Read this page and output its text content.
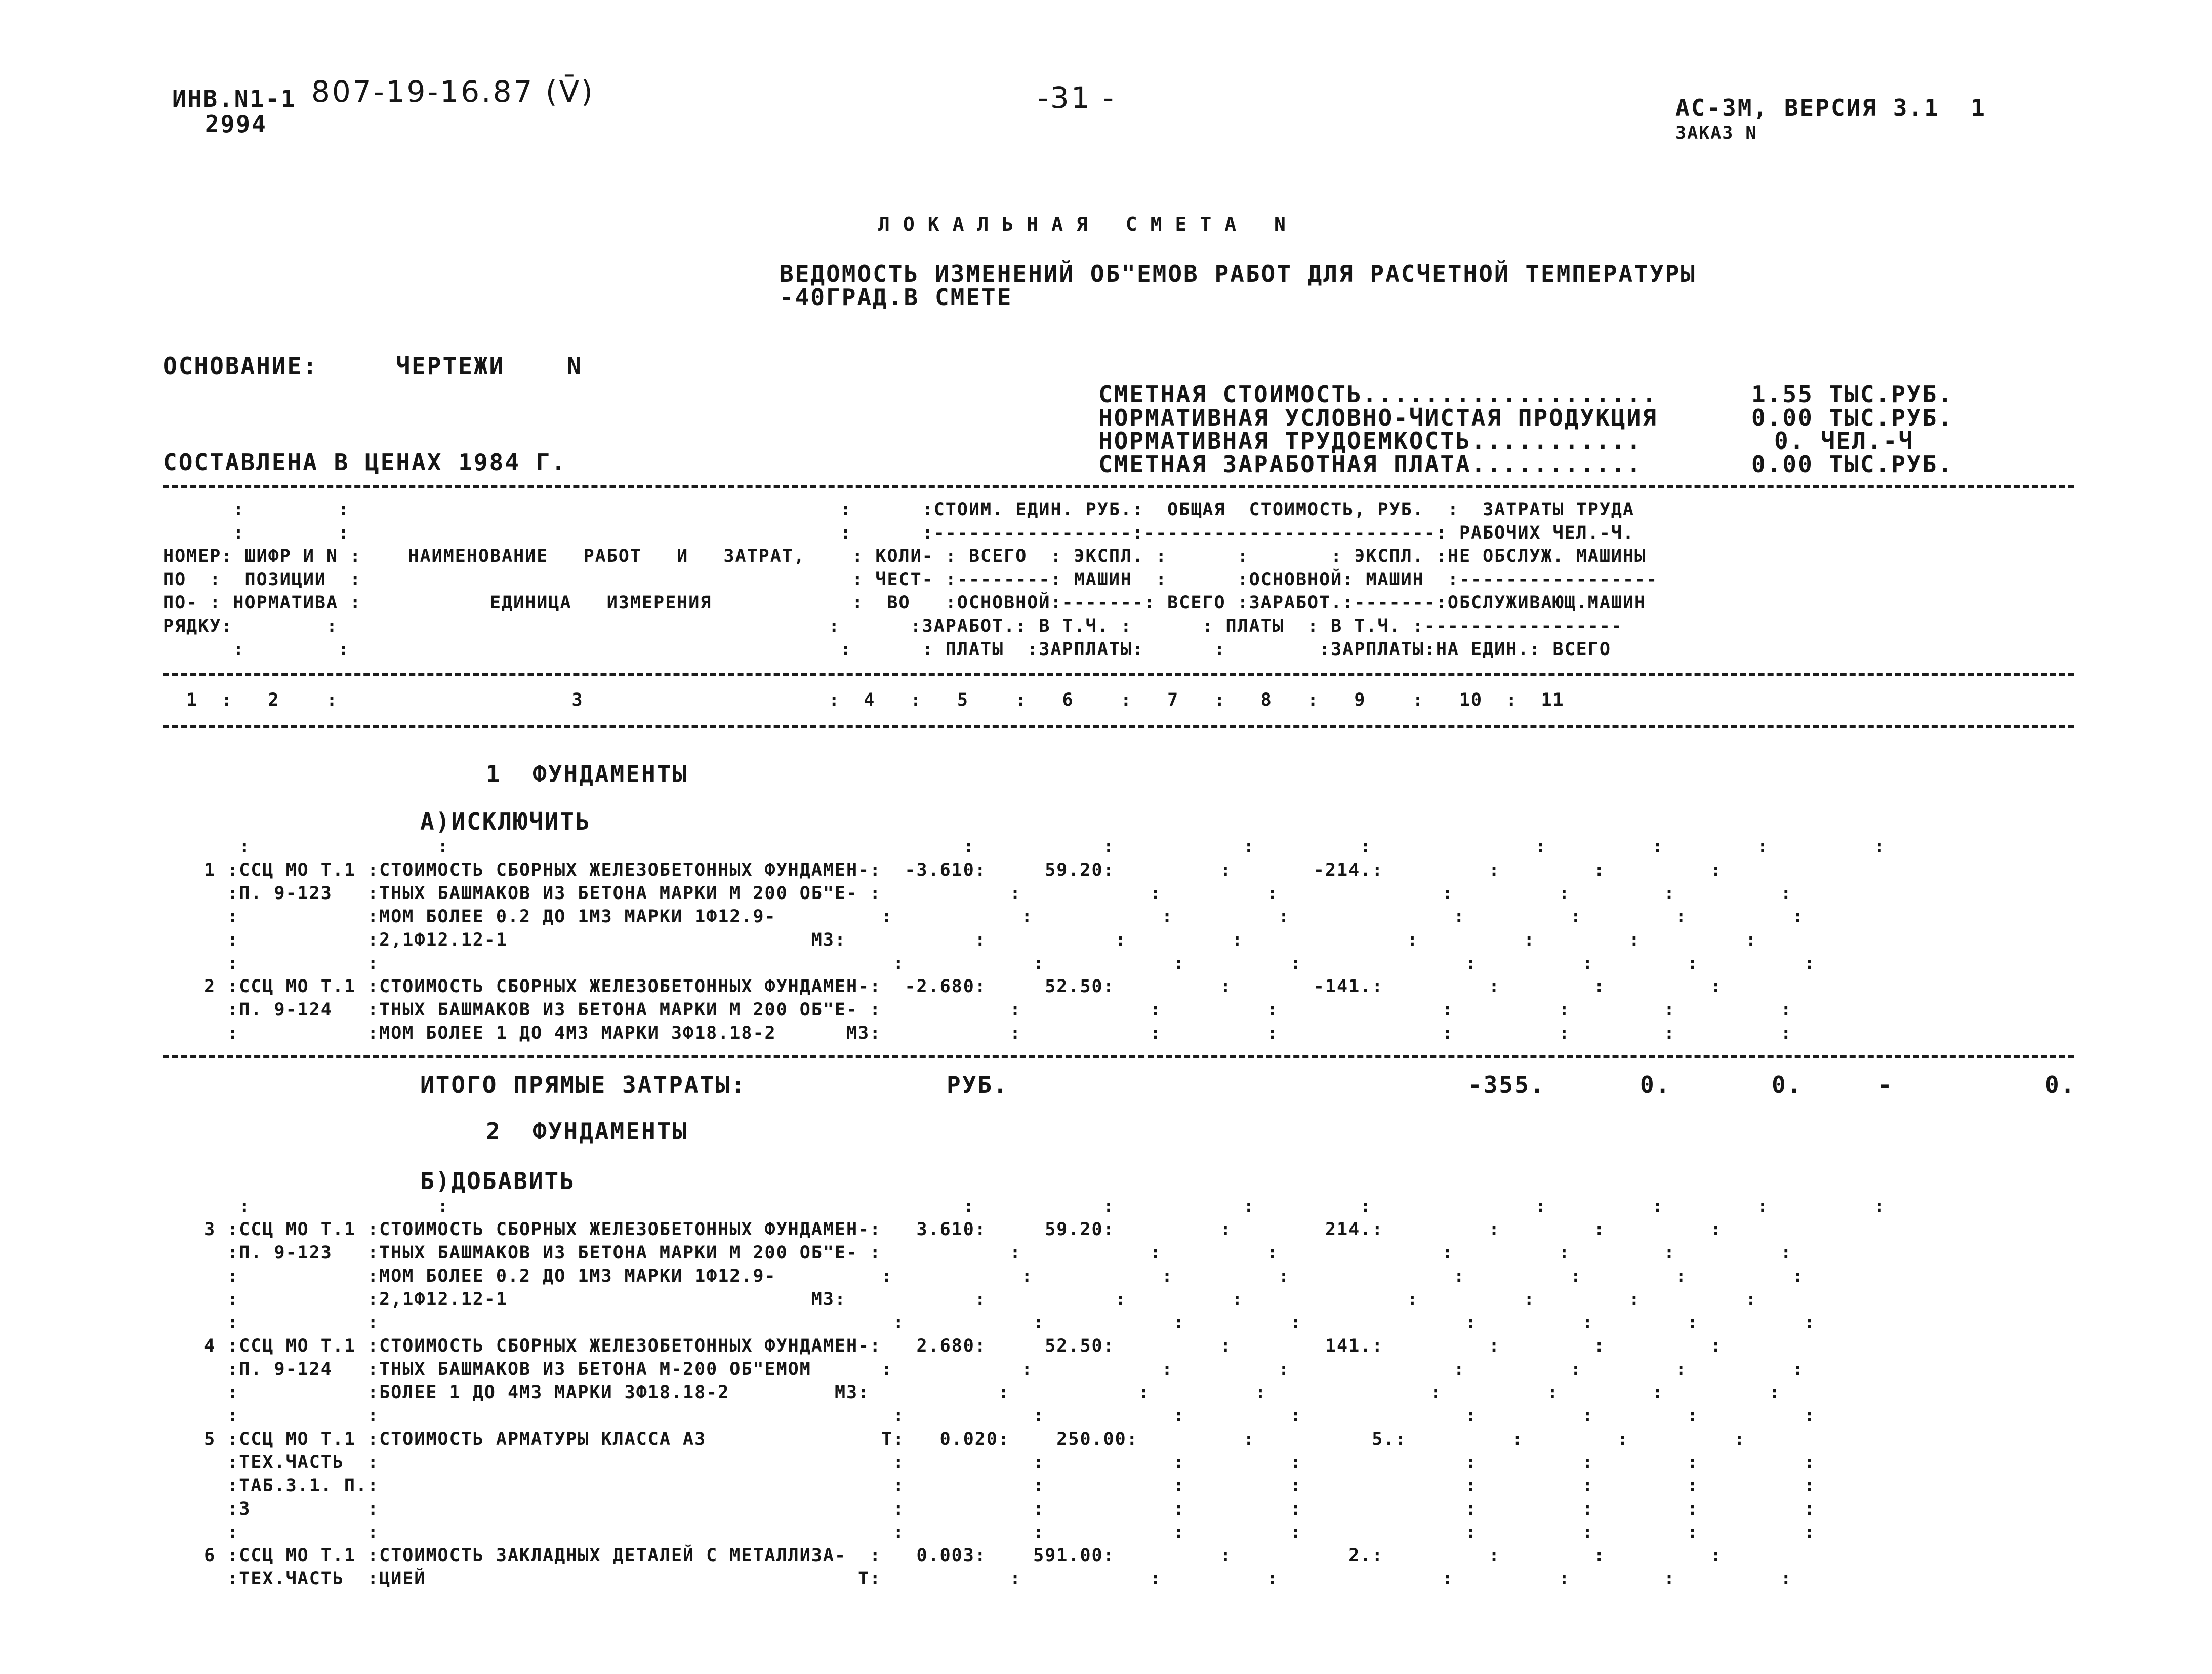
ИНВ.N1-1
2994
807-19-16.87 (V̄)	-31 -	АС-3М, ВЕРСИЯ 3.1  1
ЗАКАЗ N
ЛОКАЛЬНАЯ СМЕТА N
ВЕДОМОСТЬ ИЗМЕНЕНИЙ ОБ"ЕМОВ РАБОТ ДЛЯ РАСЧЕТНОЙ ТЕМПЕРАТУРЫ
-40ГРАД.В СМЕТЕ
ОСНОВАНИЕ:     ЧЕРТЕЖИ    N
СОСТАВЛЕНА В ЦЕНАХ 1984 Г.
СМЕТНАЯ СТОИМОСТЬ...................	1.55 ТЫС.РУБ.
НОРМАТИВНАЯ УСЛОВНО-ЧИСТАЯ ПРОДУКЦИЯ	0.00 ТЫС.РУБ.
НОРМАТИВНАЯ ТРУДОЕМКОСТЬ...........	0. ЧЕЛ.-Ч
СМЕТНАЯ ЗАРАБОТНАЯ ПЛАТА...........	0.00 ТЫС.РУБ.
:        :                                          :      :СТОИМ. ЕДИН. РУБ.:  ОБЩАЯ  СТОИМОСТЬ, РУБ.  :  ЗАТРАТЫ ТРУДА
:        :                                          :      :-----------------:-------------------------: РАБОЧИХ ЧЕЛ.-Ч.
НОМЕР: ШИФР И N :    НАИМЕНОВАНИЕ   РАБОТ   И   ЗАТРАТ,    : КОЛИ- : ВСЕГО  : ЭКСПЛ. :      :       : ЭКСПЛ. :НЕ ОБСЛУЖ. МАШИНЫ
ПО  :  ПОЗИЦИИ  :                                          : ЧЕСТ- :--------: МАШИН  :      :ОСНОВНОЙ: МАШИН  :-----------------
ПО- : НОРМАТИВА :           ЕДИНИЦА   ИЗМЕРЕНИЯ            :  ВО   :ОСНОВНОЙ:-------: ВСЕГО :ЗАРАБОТ.:-------:ОБСЛУЖИВАЮЩ.МАШИН
РЯДКУ:        :                                          :      :ЗАРАБОТ.: В Т.Ч. :      : ПЛАТЫ  : В Т.Ч. :-----------------
:        :                                          :      : ПЛАТЫ  :ЗАРПЛАТЫ:      :        :ЗАРПЛАТЫ:НА ЕДИН.: ВСЕГО
1  :   2    :                    3                     :  4   :   5    :   6    :   7   :   8   :   9    :   10  :  11
1  ФУНДАМЕНТЫ
А)ИСКЛЮЧИТЬ
:                :                                            :           :           :         :              :         :        :         :
1 :ССЦ МО Т.1 :СТОИМОСТЬ СБОРНЫХ ЖЕЛЕЗОБЕТОННЫХ ФУНДАМЕН-:  -3.610:     59.20:         :       -214.:         :        :         :
:П. 9-123   :ТНЫХ БАШМАКОВ ИЗ БЕТОНА МАРКИ М 200 ОБ"Е- :           :           :         :              :         :        :         :
:           :МОМ БОЛЕЕ 0.2 ДО 1М3 МАРКИ 1Ф12.9-         :           :           :         :              :         :        :         :
:           :2,1Ф12.12-1                          М3:           :           :         :              :         :        :         :
:           :                                            :           :           :         :              :         :        :         :
2 :ССЦ МО Т.1 :СТОИМОСТЬ СБОРНЫХ ЖЕЛЕЗОБЕТОННЫХ ФУНДАМЕН-:  -2.680:     52.50:         :       -141.:         :        :         :
:П. 9-124   :ТНЫХ БАШМАКОВ ИЗ БЕТОНА МАРКИ М 200 ОБ"Е- :           :           :         :              :         :        :         :
:           :МОМ БОЛЕЕ 1 ДО 4М3 МАРКИ 3Ф18.18-2      М3:           :           :         :              :         :        :         :
ИТОГО ПРЯМЫЕ ЗАТРАТЫ:	РУБ.	-355.	0.	0.	-	0.
2  ФУНДАМЕНТЫ
Б)ДОБАВИТЬ
:                :                                            :           :           :         :              :         :        :         :
3 :ССЦ МО Т.1 :СТОИМОСТЬ СБОРНЫХ ЖЕЛЕЗОБЕТОННЫХ ФУНДАМЕН-:   3.610:     59.20:         :        214.:         :        :         :
:П. 9-123   :ТНЫХ БАШМАКОВ ИЗ БЕТОНА МАРКИ М 200 ОБ"Е- :           :           :         :              :         :        :         :
:           :МОМ БОЛЕЕ 0.2 ДО 1М3 МАРКИ 1Ф12.9-         :           :           :         :              :         :        :         :
:           :2,1Ф12.12-1                          М3:           :           :         :              :         :        :         :
:           :                                            :           :           :         :              :         :        :         :
4 :ССЦ МО Т.1 :СТОИМОСТЬ СБОРНЫХ ЖЕЛЕЗОБЕТОННЫХ ФУНДАМЕН-:   2.680:     52.50:         :        141.:         :        :         :
:П. 9-124   :ТНЫХ БАШМАКОВ ИЗ БЕТОНА М-200 ОБ"ЕМОМ      :           :           :         :              :         :        :         :
:           :БОЛЕЕ 1 ДО 4М3 МАРКИ 3Ф18.18-2         М3:           :           :         :              :         :        :         :
:           :                                            :           :           :         :              :         :        :         :
5 :ССЦ МО Т.1 :СТОИМОСТЬ АРМАТУРЫ КЛАССА А3               Т:   0.020:    250.00:         :          5.:         :        :         :
:ТЕХ.ЧАСТЬ  :                                            :           :           :         :              :         :        :         :
:ТАБ.3.1. П.:                                            :           :           :         :              :         :        :         :
:3          :                                            :           :           :         :              :         :        :         :
:           :                                            :           :           :         :              :         :        :         :
6 :ССЦ МО Т.1 :СТОИМОСТЬ ЗАКЛАДНЫХ ДЕТАЛЕЙ С МЕТАЛЛИЗА-  :   0.003:    591.00:         :          2.:         :        :         :
:ТЕХ.ЧАСТЬ  :ЦИЕЙ                                     Т:           :           :         :              :         :        :         :
